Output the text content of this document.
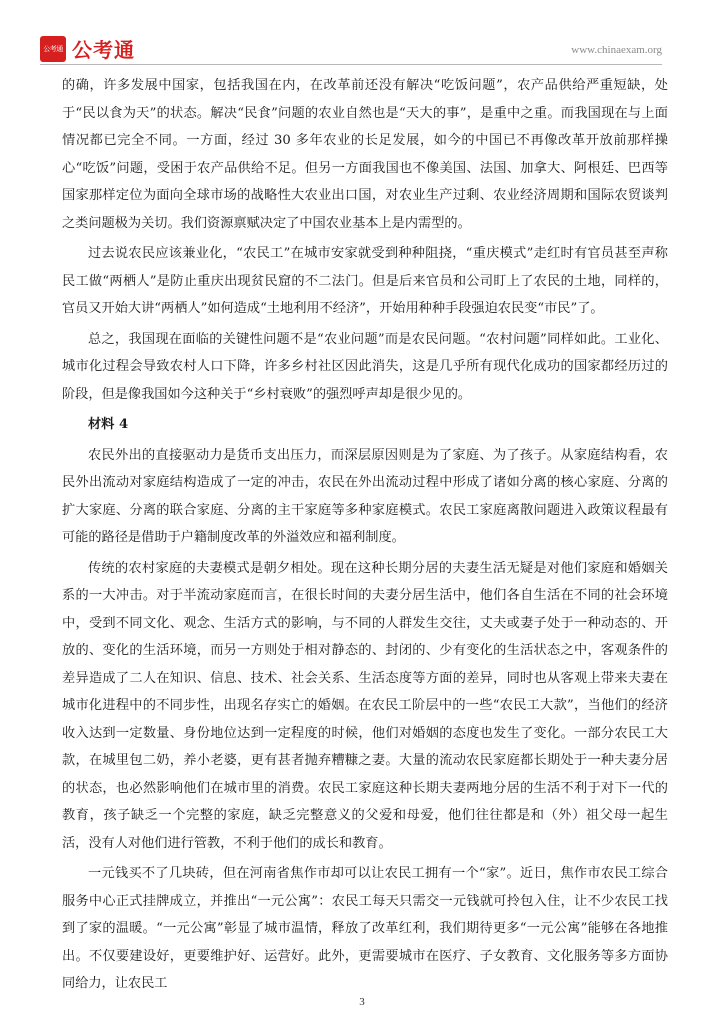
公考通 公考通	www.chinaexam.org

的确，许多发展中国家，包括我国在内，在改革前还没有解决“吃饭问题”，农产品供给严重短缺，处于“民以食为天”的状态。解决“民食”问题的农业自然也是“天大的事”，是重中之重。而我国现在与上面情况都已完全不同。一方面，经过 30 多年农业的长足发展，如今的中国已不再像改革开放前那样操心“吃饭”问题，受困于农产品供给不足。但另一方面我国也不像美国、法国、加拿大、阿根廷、巴西等国家那样定位为面向全球市场的战略性大农业出口国，对农业生产过剩、农业经济周期和国际农贸谈判之类问题极为关切。我们资源禀赋决定了中国农业基本上是内需型的。

过去说农民应该兼业化，“农民工”在城市安家就受到种种阻挠，“重庆模式”走红时有官员甚至声称民工做“两栖人”是防止重庆出现贫民窟的不二法门。但是后来官员和公司盯上了农民的土地，同样的，官员又开始大讲“两栖人”如何造成“土地利用不经济”，开始用种种手段强迫农民变“市民”了。

总之，我国现在面临的关键性问题不是“农业问题”而是农民问题。“农村问题”同样如此。工业化、城市化过程会导致农村人口下降，许多乡村社区因此消失，这是几乎所有现代化成功的国家都经历过的阶段，但是像我国如今这种关于“乡村衰败”的强烈呼声却是很少见的。

材料 4

农民外出的直接驱动力是货币支出压力，而深层原因则是为了家庭、为了孩子。从家庭结构看，农民外出流动对家庭结构造成了一定的冲击，农民在外出流动过程中形成了诸如分离的核心家庭、分离的扩大家庭、分离的联合家庭、分离的主干家庭等多种家庭模式。农民工家庭离散问题进入政策议程最有可能的路径是借助于户籍制度改革的外溢效应和福利制度。

传统的农村家庭的夫妻模式是朝夕相处。现在这种长期分居的夫妻生活无疑是对他们家庭和婚姻关系的一大冲击。对于半流动家庭而言，在很长时间的夫妻分居生活中，他们各自生活在不同的社会环境中，受到不同文化、观念、生活方式的影响，与不同的人群发生交往，丈夫或妻子处于一种动态的、开放的、变化的生活环境，而另一方则处于相对静态的、封闭的、少有变化的生活状态之中，客观条件的差异造成了二人在知识、信息、技术、社会关系、生活态度等方面的差异，同时也从客观上带来夫妻在城市化进程中的不同步性，出现名存实亡的婚姻。在农民工阶层中的一些“农民工大款”，当他们的经济收入达到一定数量、身份地位达到一定程度的时候，他们对婚姻的态度也发生了变化。一部分农民工大款，在城里包二奶，养小老婆，更有甚者抛弃糟糠之妻。大量的流动农民家庭都长期处于一种夫妻分居的状态，也必然影响他们在城市里的消费。农民工家庭这种长期夫妻两地分居的生活不利于对下一代的教育，孩子缺乏一个完整的家庭，缺乏完整意义的父爱和母爱，他们往往都是和（外）祖父母一起生活，没有人对他们进行管教，不利于他们的成长和教育。

一元钱买不了几块砖，但在河南省焦作市却可以让农民工拥有一个“家”。近日，焦作市农民工综合服务中心正式挂牌成立，并推出“一元公寓”：农民工每天只需交一元钱就可拎包入住，让不少农民工找到了家的温暖。“一元公寓”彰显了城市温情，释放了改革红利，我们期待更多“一元公寓”能够在各地推出。不仅要建设好，更要维护好、运营好。此外，更需要城市在医疗、子女教育、文化服务等多方面协同给力，让农民工

3
